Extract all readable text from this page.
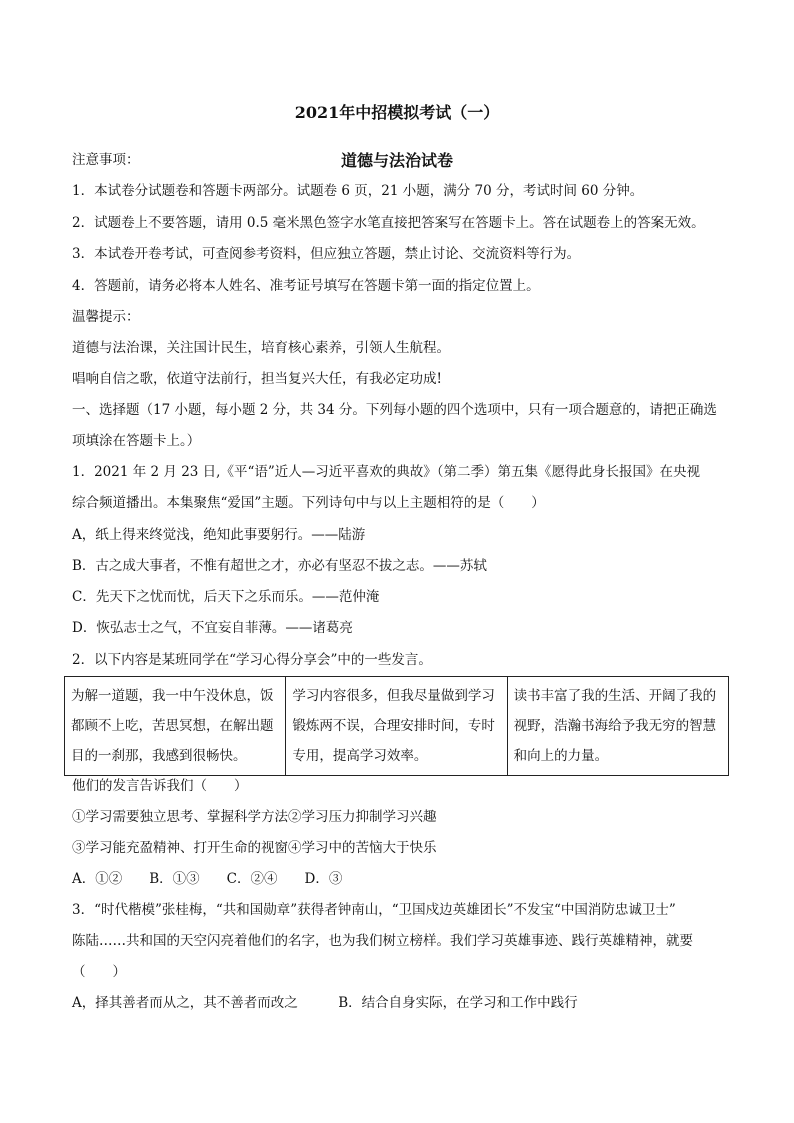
2021年中招模拟考试（一）
道德与法治试卷
注意事项：
1．本试卷分试题卷和答题卡两部分。试题卷 6 页，21 小题，满分 70 分，考试时间 60 分钟。
2．试题卷上不要答题，请用 0.5 毫米黑色签字水笔直接把答案写在答题卡上。答在试题卷上的答案无效。
3．本试卷开卷考试，可查阅参考资料，但应独立答题，禁止讨论、交流资料等行为。
4．答题前，请务必将本人姓名、准考证号填写在答题卡第一面的指定位置上。
温馨提示：
道德与法治课，关注国计民生，培育核心素养，引领人生航程。
唱响自信之歌，依道守法前行，担当复兴大任，有我必定功成!
一、选择题（17 小题，每小题 2 分，共 34 分。下列每小题的四个选项中，只有一项合题意的，请把正确选
项填涂在答题卡上。）
1．2021 年 2 月 23 日,《平“语”近人—习近平喜欢的典故》（第二季）第五集《愿得此身长报国》在央视
综合频道播出。本集聚焦“爱国”主题。下列诗句中与以上主题相符的是（　　）
A，纸上得来终觉浅，绝知此事要躬行。——陆游
B．古之成大事者，不惟有超世之才，亦必有坚忍不拔之志。——苏轼
C．先天下之忧而忧，后天下之乐而乐。——范仲淹
D．恢弘志士之气，不宜妄自菲薄。——诸葛亮
2．以下内容是某班同学在“学习心得分享会”中的一些发言。
为解一道题，我一中午没休息，饭
都顾不上吃，苦思冥想，在解出题
目的一刹那，我感到很畅快。

学习内容很多，但我尽量做到学习
锻炼两不误，合理安排时间，专时
专用，提高学习效率。

读书丰富了我的生活、开阔了我的
视野，浩瀚书海给予我无穷的智慧
和向上的力量。
他们的发言告诉我们（　　）
①学习需要独立思考、掌握科学方法②学习压力抑制学习兴趣
③学习能充盈精神、打开生命的视窗④学习中的苦恼大于快乐
A．①②　　B．①③　　C．②④　　D．③
3．“时代楷模”张桂梅，“共和国勋章”获得者钟南山，“卫国戍边英雄团长”不发宝“中国消防忠诚卫士”
陈陆……共和国的天空闪亮着他们的名字，也为我们树立榜样。我们学习英雄事迹、践行英雄精神，就要
（　　）
A，择其善者而从之，其不善者而改之　　　B．结合自身实际，在学习和工作中践行
